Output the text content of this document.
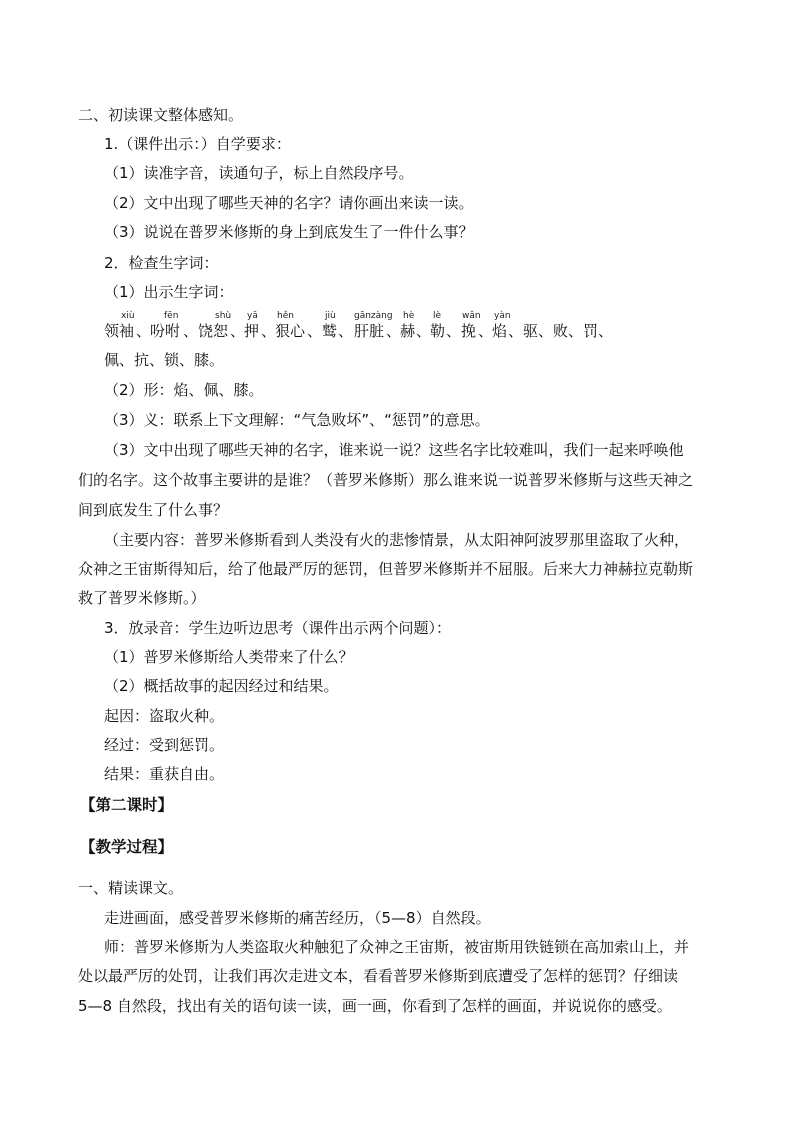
二、初读课文整体感知。
1.（课件出示：）自学要求：
（1）读准字音，读通句子，标上自然段序号。
（2）文中出现了哪些天神的名字？请你画出来读一读。
（3）说说在普罗米修斯的身上到底发生了一件什么事？
2．检查生字词：
（1）出示生字词：
xiù
领袖 、
fēn
吩咐 、
shù
饶恕 、
yā
押 、
hěn
狠心 、
jiù
鹫 、
gānzàng
肝脏 、
hè
赫 、
lè
勒 、
wǎn
挽 、
yàn
焰 、驱、败、罚、
佩、抗、锁、膝。
（2）形：焰、佩、膝。
（3）义：联系上下文理解：“气急败坏”、“惩罚”的意思。
（3）文中出现了哪些天神的名字，谁来说一说？这些名字比较难叫，我们一起来呼唤他
们的名字。这个故事主要讲的是谁？（普罗米修斯）那么谁来说一说普罗米修斯与这些天神之
间到底发生了什么事？
（主要内容：普罗米修斯看到人类没有火的悲惨情景，从太阳神阿波罗那里盗取了火种，
众神之王宙斯得知后，给了他最严厉的惩罚，但普罗米修斯并不屈服。后来大力神赫拉克勒斯
救了普罗米修斯。）
3．放录音：学生边听边思考（课件出示两个问题）：
（1）普罗米修斯给人类带来了什么？
（2）概括故事的起因经过和结果。
起因：盗取火种。
经过：受到惩罚。
结果：重获自由。
【第二课时】
【教学过程】
一、精读课文。
走进画面，感受普罗米修斯的痛苦经历，（5—8）自然段。
师：普罗米修斯为人类盗取火种触犯了众神之王宙斯，被宙斯用铁链锁在高加索山上，并
处以最严厉的处罚，让我们再次走进文本，看看普罗米修斯到底遭受了怎样的惩罚？仔细读
5—8 自然段，找出有关的语句读一读，画一画，你看到了怎样的画面，并说说你的感受。
